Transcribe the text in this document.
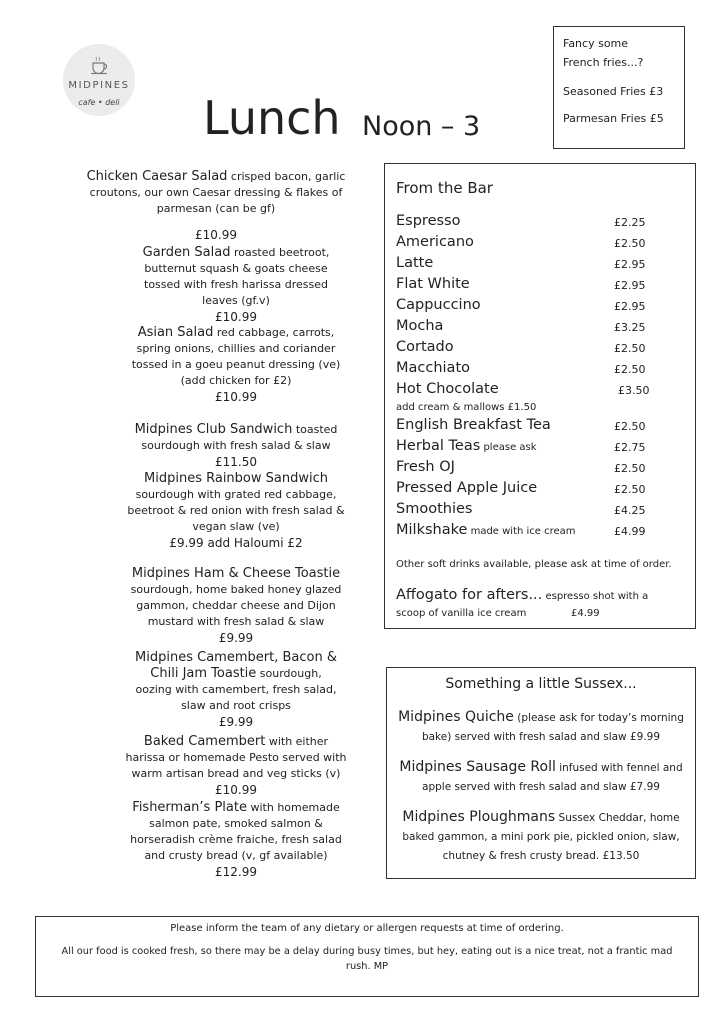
MIDPINES
cafe • deli	Lunch Noon – 3
Fancy some
French fries...?
Seasoned Fries £3
Parmesan Fries £5
Chicken Caesar Salad crisped bacon, garlic
croutons, our own Caesar dressing & flakes of
parmesan (can be gf)
£10.99
Garden Salad roasted beetroot,
butternut squash & goats cheese
tossed with fresh harissa dressed
leaves (gf.v)
£10.99
Asian Salad red cabbage, carrots,
spring onions, chillies and coriander
tossed in a goeu peanut dressing (ve)
(add chicken for £2)
£10.99
Midpines Club Sandwich toasted
sourdough with fresh salad & slaw
£11.50
Midpines Rainbow Sandwich
sourdough with grated red cabbage,
beetroot & red onion with fresh salad &
vegan slaw (ve)
£9.99 add Haloumi £2
Midpines Ham & Cheese Toastie
sourdough, home baked honey glazed
gammon, cheddar cheese and Dijon
mustard with fresh salad & slaw
£9.99
Midpines Camembert, Bacon &
Chili Jam Toastie sourdough,
oozing with camembert, fresh salad,
slaw and root crisps
£9.99
Baked Camembert with either
harissa or homemade Pesto served with
warm artisan bread and veg sticks (v)
£10.99
Fisherman’s Plate with homemade
salmon pate, smoked salmon &
horseradish crème fraiche, fresh salad
and crusty bread (v, gf available)
£12.99
From the Bar
Espresso	£2.25
Americano	£2.50
Latte	£2.95
Flat White	£2.95
Cappuccino	£2.95
Mocha	£3.25
Cortado	£2.50
Macchiato	£2.50
Hot Chocolate	£3.50
add cream & mallows £1.50
English Breakfast Tea	£2.50
Herbal Teas please ask	£2.75
Fresh OJ	£2.50
Pressed Apple Juice	£2.50
Smoothies	£4.25
Milkshake made with ice cream	£4.99
Other soft drinks available, please ask at time of order.
Affogato for afters... espresso shot with a
scoop of vanilla ice cream	£4.99
Something a little Sussex...
Midpines Quiche (please ask for today’s morning
bake) served with fresh salad and slaw £9.99
Midpines Sausage Roll infused with fennel and
apple served with fresh salad and slaw £7.99
Midpines Ploughmans Sussex Cheddar, home
baked gammon, a mini pork pie, pickled onion, slaw,
chutney & fresh crusty bread. £13.50
Please inform the team of any dietary or allergen requests at time of ordering.
All our food is cooked fresh, so there may be a delay during busy times, but hey, eating out is a nice treat, not a frantic mad
rush. MP
